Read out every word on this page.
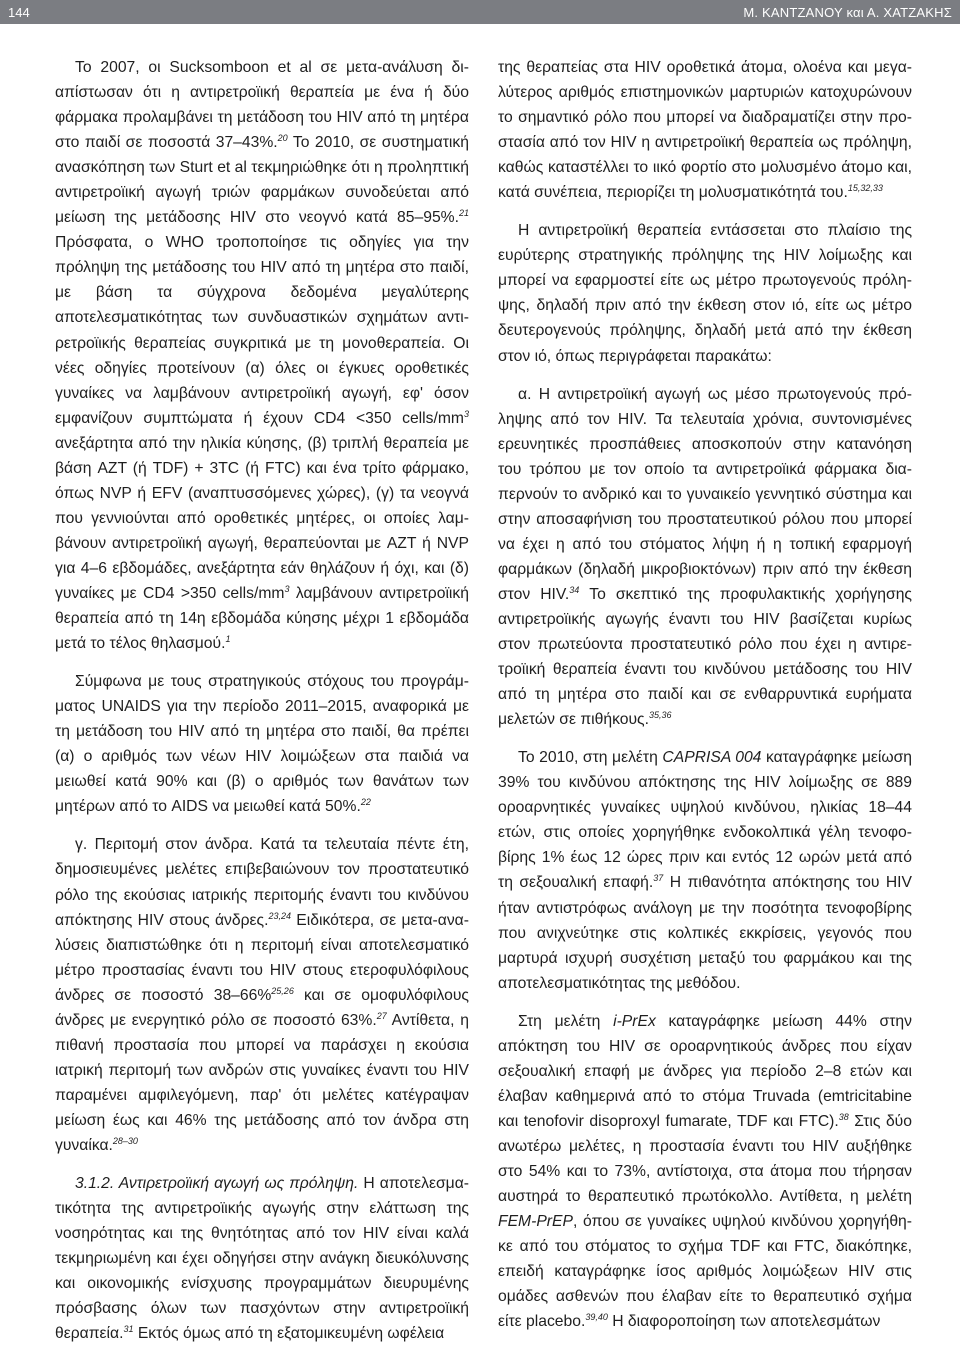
144	Μ. ΚΑΝΤΖΑΝΟΥ και Α. ΧΑΤΖΑΚΗΣ

Το 2007, οι Sucksomboon et al σε μετα-ανάλυση διαπίστωσαν ότι η αντιρετροϊική θεραπεία με ένα ή δύο φάρμακα προλαμβάνει τη μετάδοση του HIV από τη μητέρα στο παιδί σε ποσοστά 37–43%.$^{20}$ Το 2010, σε συστηματική ανασκόπηση των Sturt et al τεκμηριώθηκε ότι η προληπτική αντιρετροϊική αγωγή τριών φαρμάκων συνοδεύεται από μείωση της μετάδοσης HIV στο νεογνό κατά 85–95%.$^{21}$ Πρόσφατα, ο WHO τροποποίησε τις οδηγίες για την πρόληψη της μετάδοσης του HIV από τη μητέρα στο παιδί, με βάση τα σύγχρονα δεδομένα μεγαλύτερης αποτελεσματικότητας των συνδυαστικών σχημάτων αντιρετροϊικής θεραπείας συγκριτικά με τη μονοθεραπεία. Οι νέες οδηγίες προτείνουν (α) όλες οι έγκυες οροθετικές γυναίκες να λαμβάνουν αντιρετροϊική αγωγή, εφ' όσον εμφανίζουν συμπτώματα ή έχουν CD4 <350 cells/$mm^3$ ανεξάρτητα από την ηλικία κύησης, (β) τριπλή θεραπεία με βάση AZT (ή TDF) + 3TC (ή FTC) και ένα τρίτο φάρμακο, όπως NVP ή EFV (αναπτυσσόμενες χώρες), (γ) τα νεογνά που γεννιούνται από οροθετικές μητέρες, οι οποίες λαμβάνουν αντιρετροϊική αγωγή, θεραπεύονται με AZT ή NVP για 4–6 εβδομάδες, ανεξάρτητα εάν θηλάζουν ή όχι, και (δ) γυναίκες με CD4 >350 cells/$mm^3$ λαμβάνουν αντιρετροϊική θεραπεία από τη 14η εβδομάδα κύησης μέχρι 1 εβδομάδα μετά το τέλος θηλασμού.$^1$

Σύμφωνα με τους στρατηγικούς στόχους του προγράμματος UNAIDS για την περίοδο 2011–2015, αναφορικά με τη μετάδοση του HIV από τη μητέρα στο παιδί, θα πρέπει (α) ο αριθμός των νέων HIV λοιμώξεων στα παιδιά να μειωθεί κατά 90% και (β) ο αριθμός των θανάτων των μητέρων από το AIDS να μειωθεί κατά 50%.$^{22}$

γ. Περιτομή στον άνδρα. Κατά τα τελευταία πέντε έτη, δημοσιευμένες μελέτες επιβεβαιώνουν τον προστατευτικό ρόλο της εκούσιας ιατρικής περιτομής έναντι του κινδύνου απόκτησης HIV στους άνδρες.$^{23,24}$ Ειδικότερα, σε μετα-αναλύσεις διαπιστώθηκε ότι η περιτομή είναι αποτελεσματικό μέτρο προστασίας έναντι του HIV στους ετεροφυλόφιλους άνδρες σε ποσοστό 38–66%$^{25,26}$ και σε ομοφυλόφιλους άνδρες με ενεργητικό ρόλο σε ποσοστό 63%.$^{27}$ Αντίθετα, η πιθανή προστασία που μπορεί να παράσχει η εκούσια ιατρική περιτομή των ανδρών στις γυναίκες έναντι του HIV παραμένει αμφιλεγόμενη, παρ' ότι μελέτες κατέγραψαν μείωση έως και 46% της μετάδοσης από τον άνδρα στη γυναίκα.$^{28-30}$

3.1.2. Αντιρετροϊική αγωγή ως πρόληψη. Η αποτελεσματικότητα της αντιρετροϊικής αγωγής στην ελάττωση της νοσηρότητας και της θνητότητας από τον HIV είναι καλά τεκμηριωμένη και έχει οδηγήσει στην ανάγκη διευκόλυνσης και οικονομικής ενίσχυσης προγραμμάτων διευρυμένης πρόσβασης όλων των πασχόντων στην αντιρετροϊική θεραπεία.$^{31}$ Εκτός όμως από τη εξατομικευμένη ωφέλεια

της θεραπείας στα HIV οροθετικά άτομα, ολοένα και μεγαλύτερος αριθμός επιστημονικών μαρτυριών κατοχυρώνουν το σημαντικό ρόλο που μπορεί να διαδραματίζει στην προστασία από τον HIV η αντιρετροϊική θεραπεία ως πρόληψη, καθώς καταστέλλει το ιικό φορτίο στο μολυσμένο άτομο και, κατά συνέπεια, περιορίζει τη μολυσματικότητά του.$^{15,32,33}$

Η αντιρετροϊική θεραπεία εντάσσεται στο πλαίσιο της ευρύτερης στρατηγικής πρόληψης της HIV λοίμωξης και μπορεί να εφαρμοστεί είτε ως μέτρο πρωτογενούς πρόληψης, δηλαδή πριν από την έκθεση στον ιό, είτε ως μέτρο δευτερογενούς πρόληψης, δηλαδή μετά από την έκθεση στον ιό, όπως περιγράφεται παρακάτω:

α. Η αντιρετροϊική αγωγή ως μέσο πρωτογενούς πρόληψης από τον HIV. Τα τελευταία χρόνια, συντονισμένες ερευνητικές προσπάθειες αποσκοπούν στην κατανόηση του τρόπου με τον οποίο τα αντιρετροϊικά φάρμακα διαπερνούν το ανδρικό και το γυναικείο γεννητικό σύστημα και στην αποσαφήνιση του προστατευτικού ρόλου που μπορεί να έχει η από του στόματος λήψη ή η τοπική εφαρμογή φαρμάκων (δηλαδή μικροβιοκτόνων) πριν από την έκθεση στον HIV.$^{34}$ Το σκεπτικό της προφυλακτικής χορήγησης αντιρετροϊικής αγωγής έναντι του HIV βασίζεται κυρίως στον πρωτεύοντα προστατευτικό ρόλο που έχει η αντιρετροϊική θεραπεία έναντι του κινδύνου μετάδοσης του HIV από τη μητέρα στο παιδί και σε ενθαρρυντικά ευρήματα μελετών σε πιθήκους.$^{35,36}$

Το 2010, στη μελέτη CAPRISA 004 καταγράφηκε μείωση 39% του κινδύνου απόκτησης της HIV λοίμωξης σε 889 οροαρνητικές γυναίκες υψηλού κινδύνου, ηλικίας 18–44 ετών, στις οποίες χορηγήθηκε ενδοκολπικά γέλη τενοφοβίρης 1% έως 12 ώρες πριν και εντός 12 ωρών μετά από τη σεξουαλική επαφή.$^{37}$ Η πιθανότητα απόκτησης του HIV ήταν αντιστρόφως ανάλογη με την ποσότητα τενοφοβίρης που ανιχνεύτηκε στις κολπικές εκκρίσεις, γεγονός που μαρτυρά ισχυρή συσχέτιση μεταξύ του φαρμάκου και της αποτελεσματικότητας της μεθόδου.

Στη μελέτη i-PrEx καταγράφηκε μείωση 44% στην απόκτηση του HIV σε οροαρνητικούς άνδρες που είχαν σεξουαλική επαφή με άνδρες για περίοδο 2–8 ετών και έλαβαν καθημερινά από το στόμα Truvada (emtricitabine και tenofovir disoproxyl fumarate, TDF και FTC).$^{38}$ Στις δύο ανωτέρω μελέτες, η προστασία έναντι του HIV αυξήθηκε στο 54% και το 73%, αντίστοιχα, στα άτομα που τήρησαν αυστηρά το θεραπευτικό πρωτόκολλο. Αντίθετα, η μελέτη FEM-PrEP, όπου σε γυναίκες υψηλού κινδύνου χορηγήθηκε από του στόματος το σχήμα TDF και FTC, διακόπηκε, επειδή καταγράφηκε ίσος αριθμός λοιμώξεων HIV στις ομάδες ασθενών που έλαβαν είτε το θεραπευτικό σχήμα είτε placebo.$^{39,40}$ Η διαφοροποίηση των αποτελεσμάτων
